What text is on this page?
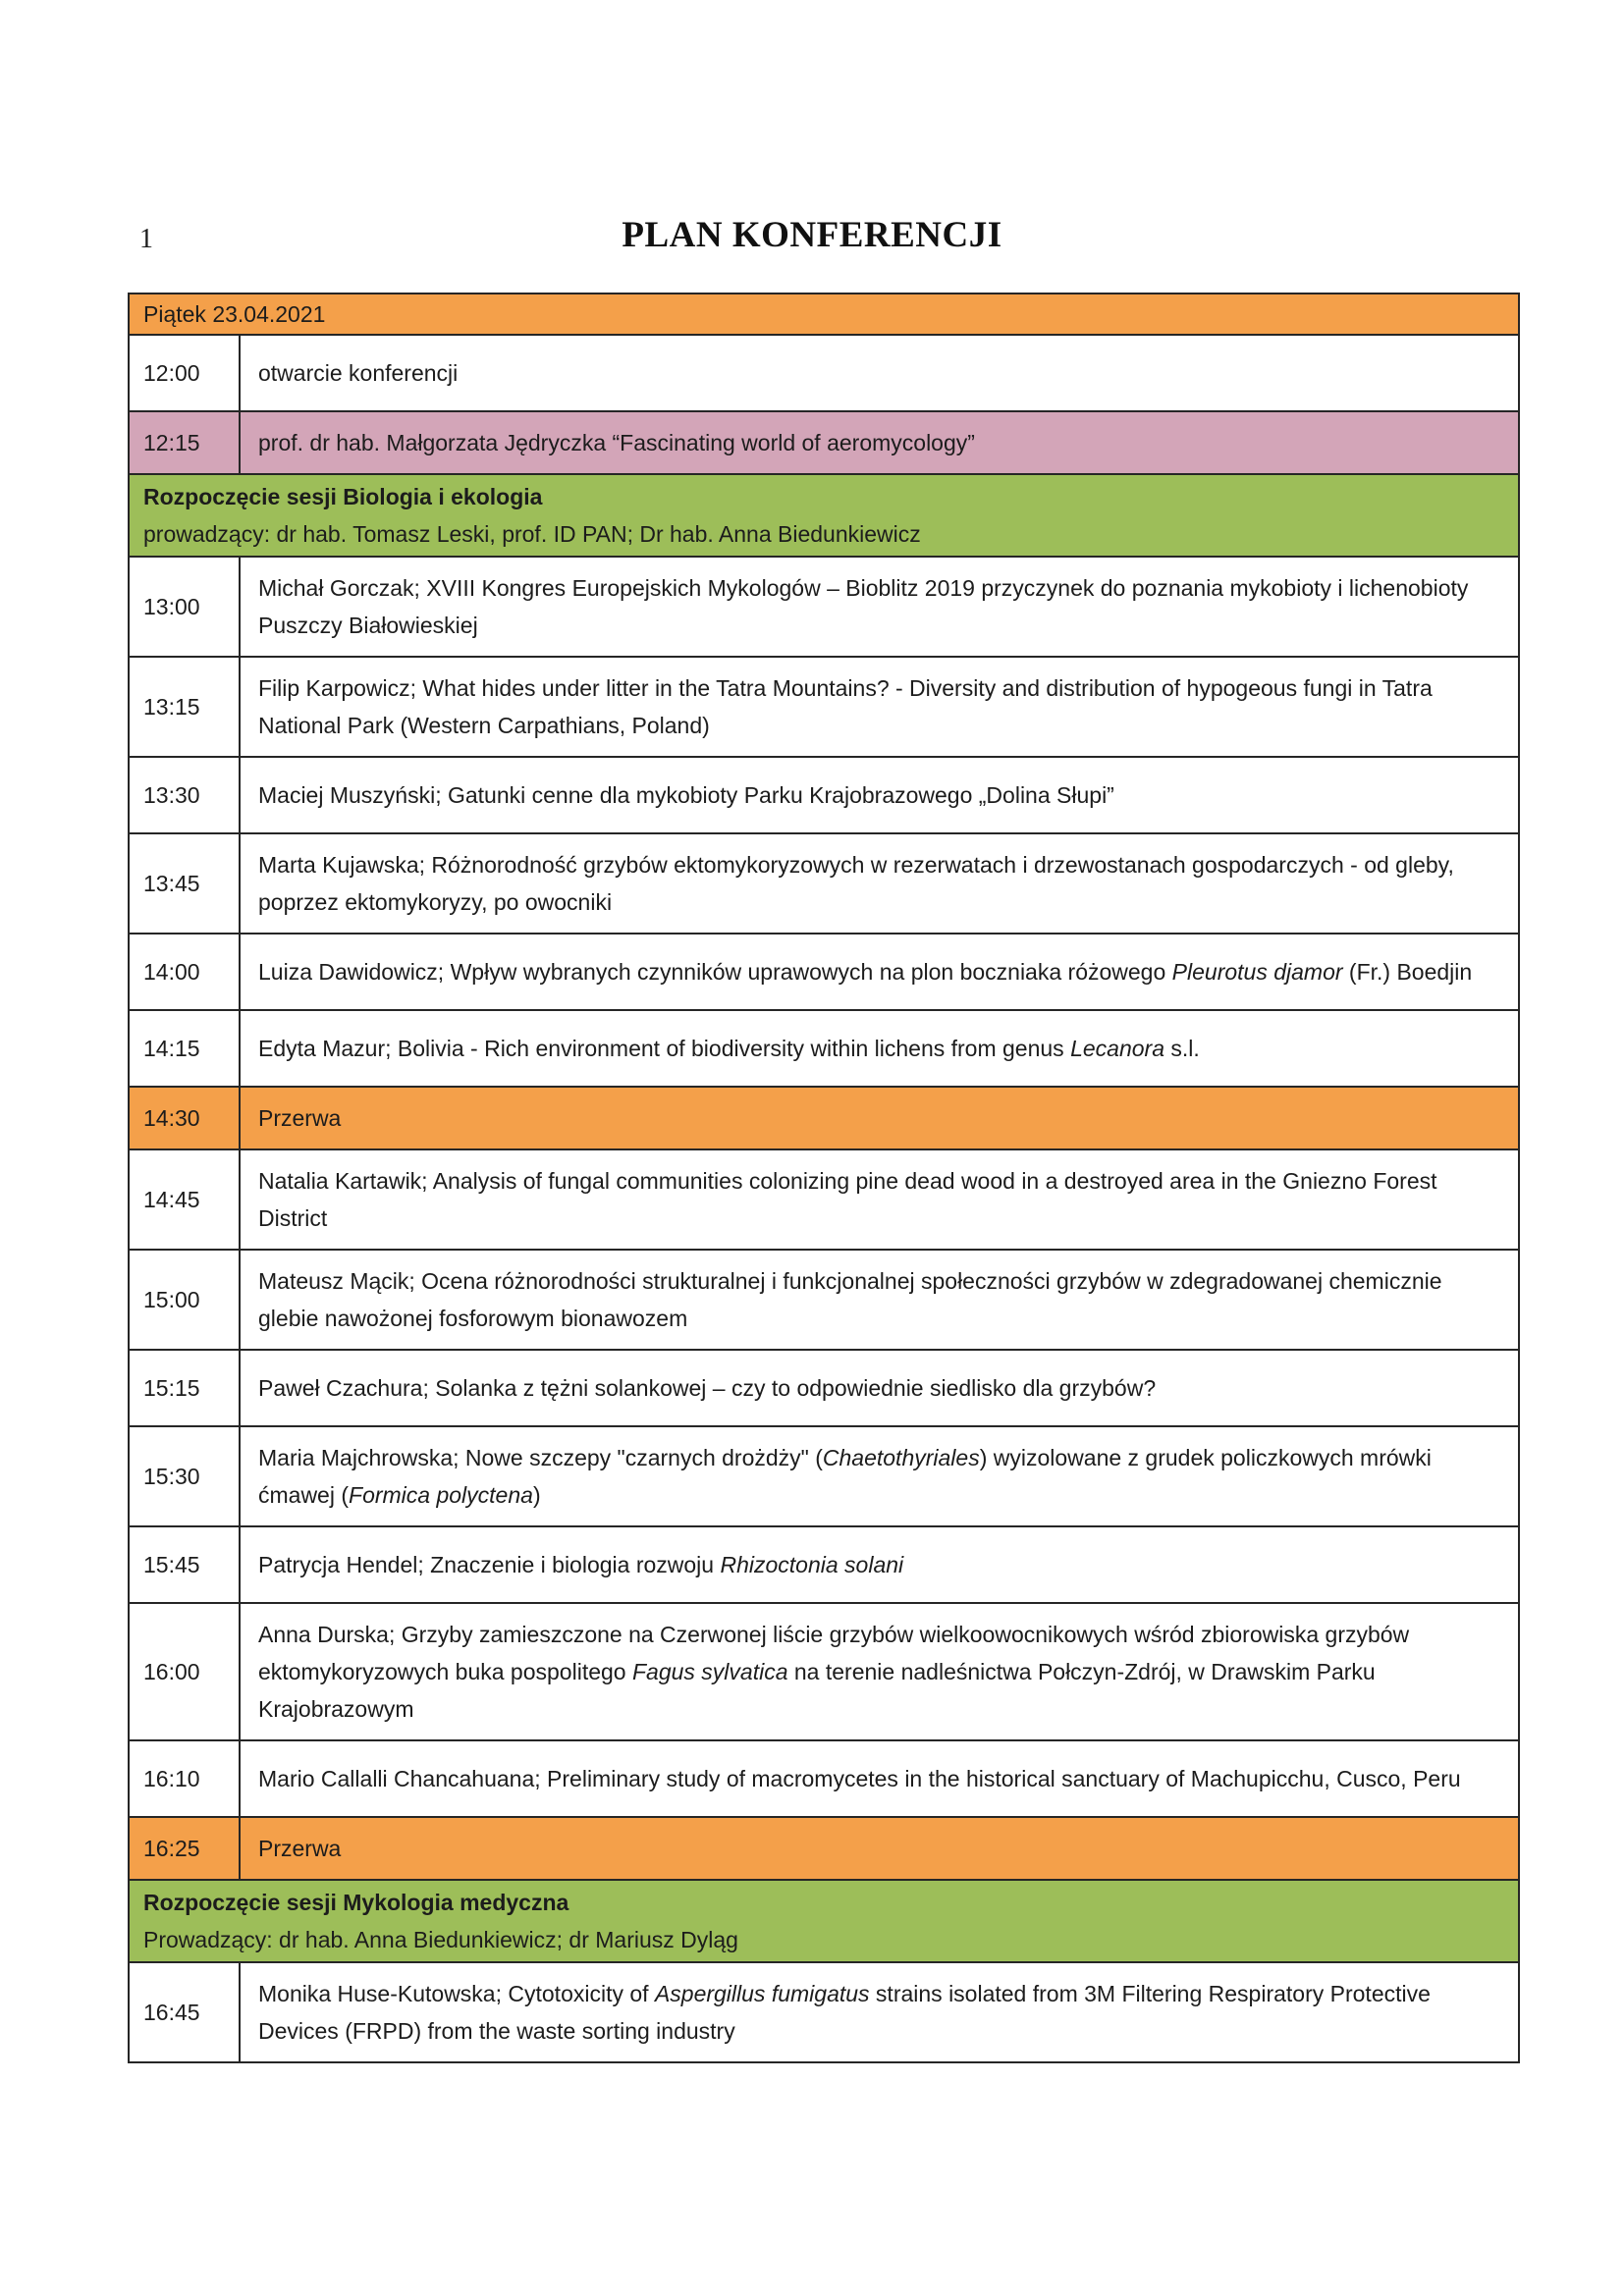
1	PLAN KONFERENCJI
Piątek 23.04.2021	
12:00	otwarcie konferencji
12:15	prof. dr hab. Małgorzata Jędryczka “Fascinating world of aeromycology”

Rozpoczęcie sesji Biologia i ekologia
prowadzący: dr hab. Tomasz Leski, prof. ID PAN; Dr hab. Anna Biedunkiewicz	

13:00	Michał Gorczak; XVIII Kongres Europejskich Mykologów – Bioblitz 2019 przyczynek do poznania mykobioty i lichenobioty Puszczy Białowieskiej
13:15	Filip Karpowicz; What hides under litter in the Tatra Mountains? - Diversity and distribution of hypogeous fungi in Tatra National Park (Western Carpathians, Poland)
13:30	Maciej Muszyński; Gatunki cenne dla mykobioty Parku Krajobrazowego „Dolina Słupi”
13:45	Marta Kujawska; Różnorodność grzybów ektomykoryzowych w rezerwatach i drzewostanach gospodarczych - od gleby, poprzez ektomykoryzy, po owocniki
14:00	Luiza Dawidowicz; Wpływ wybranych czynników uprawowych na plon boczniaka różowego Pleurotus djamor (Fr.) Boedjin
14:15	Edyta Mazur; Bolivia - Rich environment of biodiversity within lichens from genus Lecanora s.l.
14:30	Przerwa
14:45	Natalia Kartawik; Analysis of fungal communities colonizing pine dead wood in a destroyed area in the Gniezno Forest District
15:00	Mateusz Mącik; Ocena różnorodności strukturalnej i funkcjonalnej społeczności grzybów w zdegradowanej chemicznie glebie nawożonej fosforowym bionawozem
15:15	Paweł Czachura; Solanka z tężni solankowej – czy to odpowiednie siedlisko dla grzybów?
15:30	Maria Majchrowska; Nowe szczepy "czarnych drożdży" (Chaetothyriales) wyizolowane z grudek policzkowych mrówki ćmawej (Formica polyctena)
15:45	Patrycja Hendel; Znaczenie i biologia rozwoju Rhizoctonia solani
16:00	Anna Durska; Grzyby zamieszczone na Czerwonej liście grzybów wielkoowocnikowych wśród zbiorowiska grzybów ektomykoryzowych buka pospolitego Fagus sylvatica na terenie nadleśnictwa Połczyn-Zdrój, w Drawskim Parku Krajobrazowym
16:10	Mario Callalli Chancahuana; Preliminary study of macromycetes in the historical sanctuary of Machupicchu, Cusco, Peru
16:25	Przerwa

Rozpoczęcie sesji Mykologia medyczna
Prowadzący: dr hab. Anna Biedunkiewicz; dr Mariusz Dyląg	

16:45	Monika Huse-Kutowska; Cytotoxicity of Aspergillus fumigatus strains isolated from 3M Filtering Respiratory Protective Devices (FRPD) from the waste sorting industry
